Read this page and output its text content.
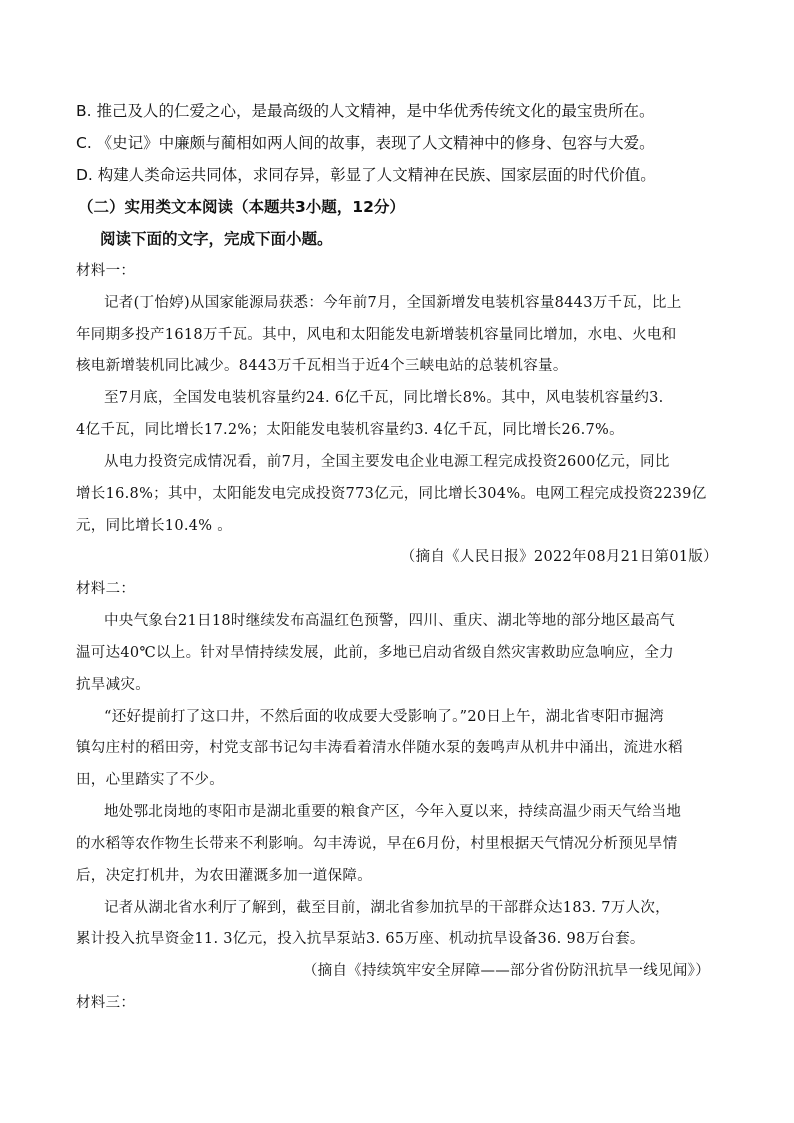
B. 推己及人的仁爱之心，是最高级的人文精神，是中华优秀传统文化的最宝贵所在。
C. 《史记》中廉颇与蔺相如两人间的故事，表现了人文精神中的修身、包容与大爱。
D. 构建人类命运共同体，求同存异，彰显了人文精神在民族、国家层面的时代价值。
（二）实用类文本阅读（本题共3小题，12分）
阅读下面的文字，完成下面小题。
材料一：
记者(丁怡婷)从国家能源局获悉：今年前7月，全国新增发电装机容量8443万千瓦，比上
年同期多投产1618万千瓦。其中，风电和太阳能发电新增装机容量同比增加，水电、火电和
核电新增装机同比减少。8443万千瓦相当于近4个三峡电站的总装机容量。
至7月底，全国发电装机容量约24. 6亿千瓦，同比增长8%。其中，风电装机容量约3.
4亿千瓦，同比增长17.2%；太阳能发电装机容量约3. 4亿千瓦，同比增长26.7%。
从电力投资完成情况看，前7月，全国主要发电企业电源工程完成投资2600亿元，同比
增长16.8%；其中，太阳能发电完成投资773亿元，同比增长304%。电网工程完成投资2239亿
元，同比增长10.4% 。
（摘自《人民日报》2022年08月21日第01版）
材料二：
中央气象台21日18时继续发布高温红色预警，四川、重庆、湖北等地的部分地区最高气
温可达40℃以上。针对旱情持续发展，此前，多地已启动省级自然灾害救助应急响应，全力
抗旱减灾。
“还好提前打了这口井，不然后面的收成要大受影响了。”20日上午，湖北省枣阳市掘湾
镇勾庄村的稻田旁，村党支部书记勾丰涛看着清水伴随水泵的轰鸣声从机井中涌出，流进水稻
田，心里踏实了不少。
地处鄂北岗地的枣阳市是湖北重要的粮食产区，今年入夏以来，持续高温少雨天气给当地
的水稻等农作物生长带来不利影响。勾丰涛说，早在6月份，村里根据天气情况分析预见旱情
后，决定打机井，为农田灌溉多加一道保障。
记者从湖北省水利厅了解到，截至目前，湖北省参加抗旱的干部群众达183. 7万人次，
累计投入抗旱资金11. 3亿元，投入抗旱泵站3. 65万座、机动抗旱设备36. 98万台套。
（摘自《持续筑牢安全屏障——部分省份防汛抗旱一线见闻》）
材料三：
